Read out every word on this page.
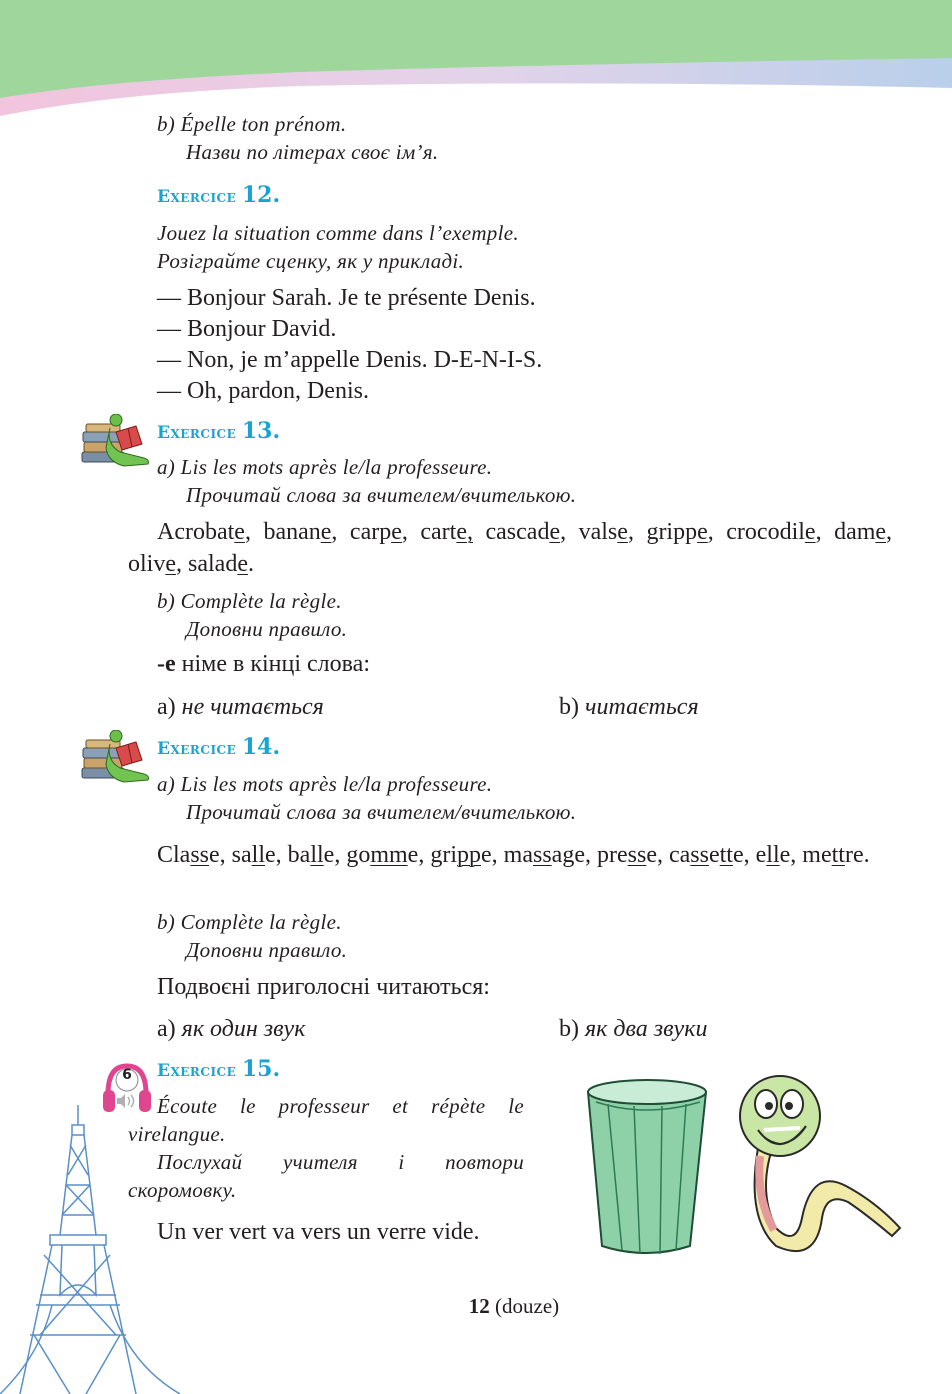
b) Épelle ton prénom.
Назви по літерах своє ім’я.
Exercice 12.
Jouez la situation comme dans l’exemple.
Розіграйте сценку, як у прикладі.
— Bonjour Sarah. Je te présente Denis.
— Bonjour David.
— Non, je m’appelle Denis. D-E-N-I-S.
— Oh, pardon, Denis.
Exercice 13.
a) Lis les mots après le/la professeure.
Прочитай слова за вчителем/вчителькою.
Acrobate, banane, carpe, carte, cascade, valse, grippe, crocodile, dame, olive, salade.
b) Complète la règle.
Доповни правило.
-e німе в кінці слова:
а) не читається	b) читається
Exercice 14.
a) Lis les mots après le/la professeure.
Прочитай слова за вчителем/вчителькою.
Classe, salle, balle, gomme, grippe, massage, presse, cassette, elle, mettre.
b) Complète la règle.
Доповни правило.
Подвоєні приголосні читаються:
а) як один звук	b) як два звуки
6	Exercice 15.
Écoute le professeur et répète le virelangue.
Послухай учителя і повтори скоромовку.
Un ver vert va vers un verre vide.
12 (douze)
